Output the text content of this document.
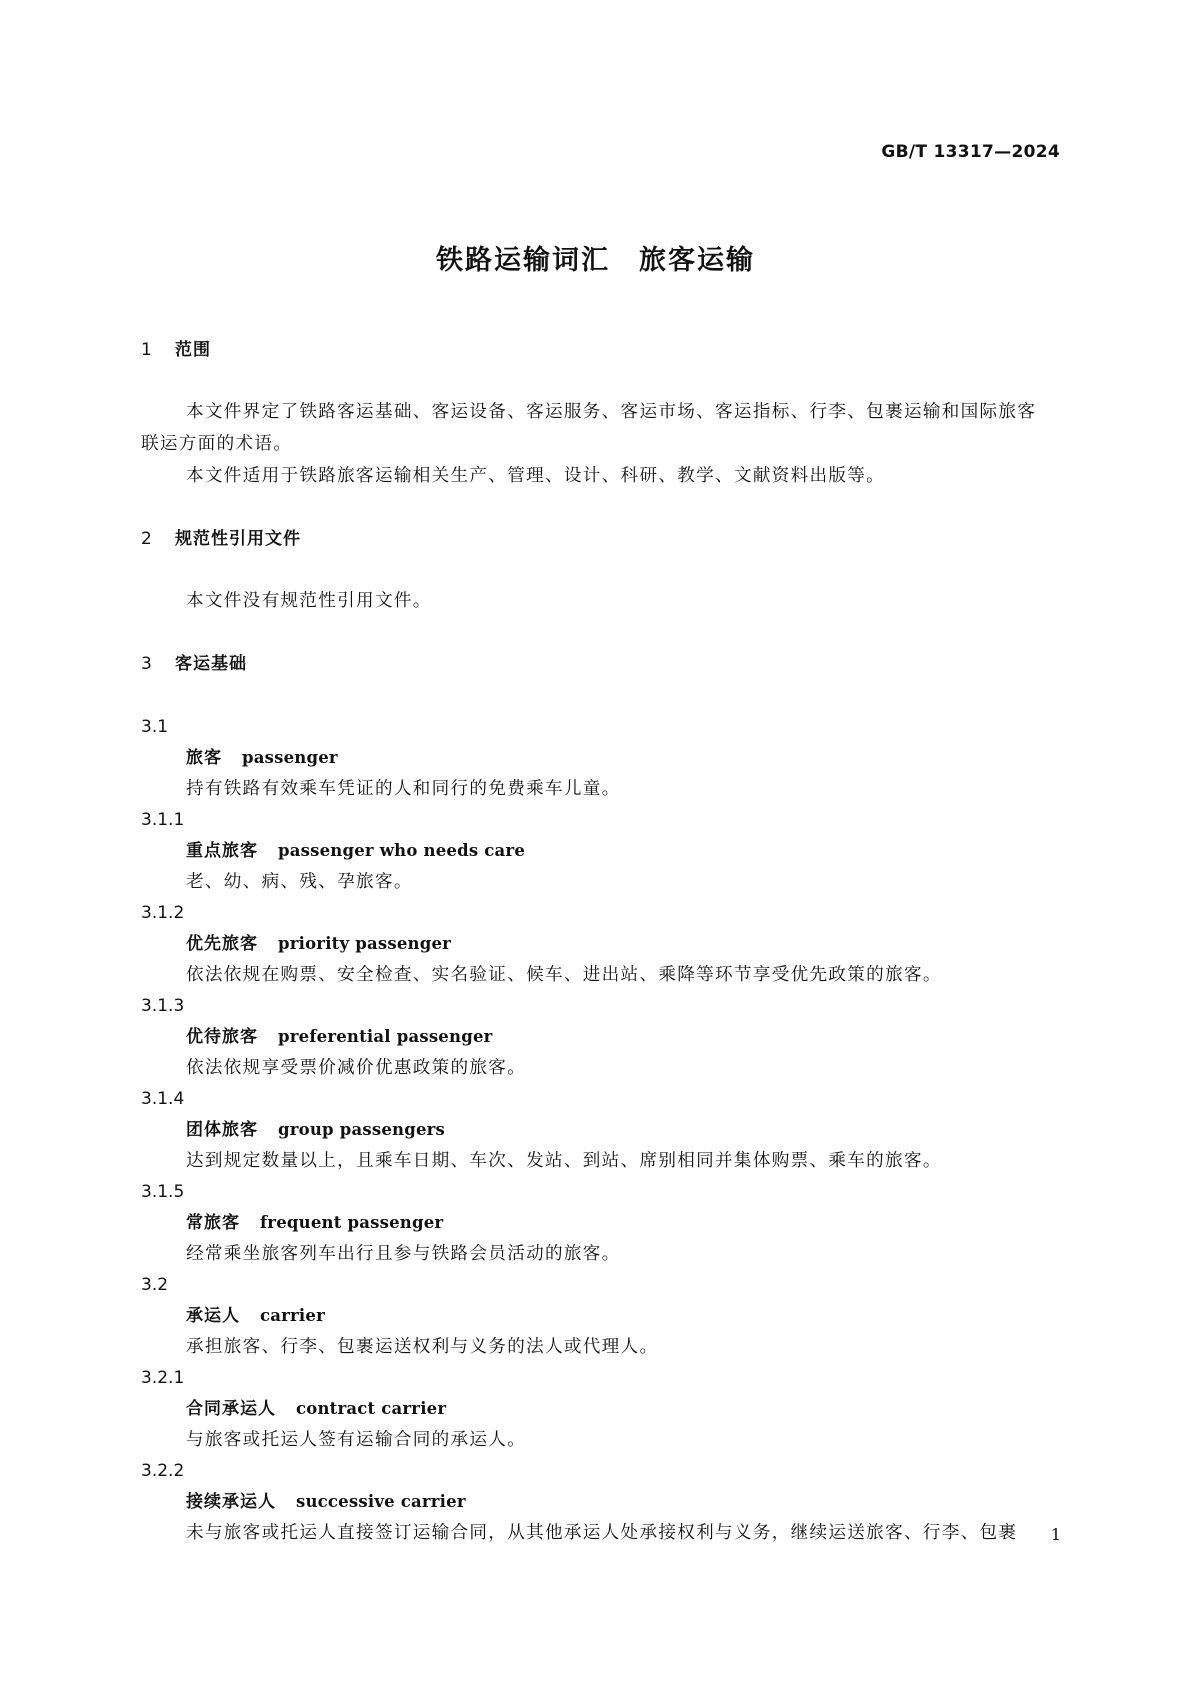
GB/T 13317—2024
铁路运输词汇　旅客运输
1 范围
本文件界定了铁路客运基础、客运设备、客运服务、客运市场、客运指标、行李、包裹运输和国际旅客
联运方面的术语。
本文件适用于铁路旅客运输相关生产、管理、设计、科研、教学、文献资料出版等。
2 规范性引用文件
本文件没有规范性引用文件。
3 客运基础
3.1
旅客 passenger
持有铁路有效乘车凭证的人和同行的免费乘车儿童。
3.1.1
重点旅客 passenger who needs care
老、幼、病、残、孕旅客。
3.1.2
优先旅客 priority passenger
依法依规在购票、安全检查、实名验证、候车、进出站、乘降等环节享受优先政策的旅客。
3.1.3
优待旅客 preferential passenger
依法依规享受票价减价优惠政策的旅客。
3.1.4
团体旅客 group passengers
达到规定数量以上，且乘车日期、车次、发站、到站、席别相同并集体购票、乘车的旅客。
3.1.5
常旅客 frequent passenger
经常乘坐旅客列车出行且参与铁路会员活动的旅客。
3.2
承运人 carrier
承担旅客、行李、包裹运送权利与义务的法人或代理人。
3.2.1
合同承运人 contract carrier
与旅客或托运人签有运输合同的承运人。
3.2.2
接续承运人 successive carrier
未与旅客或托运人直接签订运输合同，从其他承运人处承接权利与义务，继续运送旅客、行李、包裹 1
